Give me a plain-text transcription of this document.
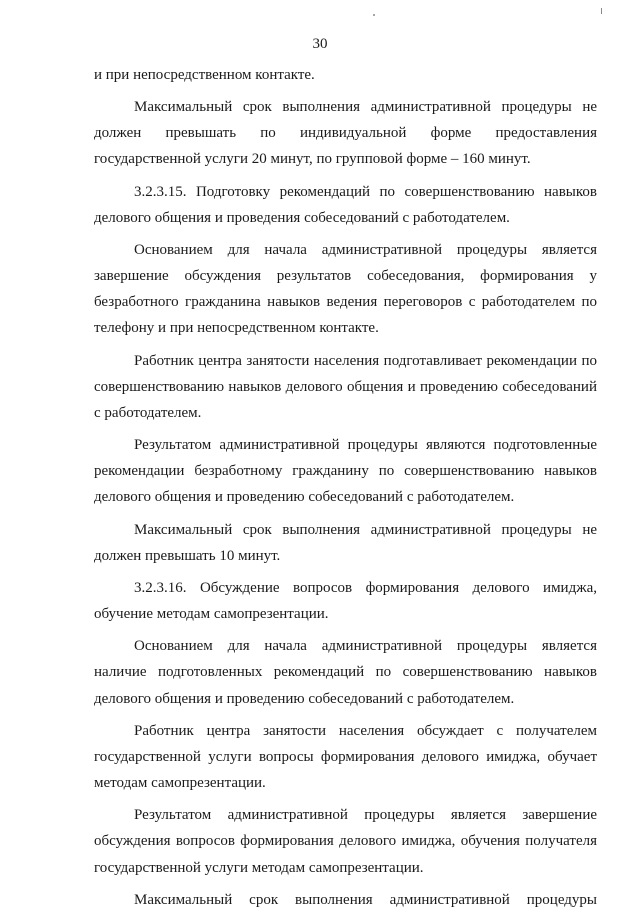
30

и при непосредственном контакте.

Максимальный срок выполнения административной процедуры не должен превышать по индивидуальной форме предоставления государственной услуги 20 минут, по групповой форме – 160 минут.

3.2.3.15. Подготовку рекомендаций по совершенствованию навыков делового общения и проведения собеседований с работодателем.

Основанием для начала административной процедуры является завершение обсуждения результатов собеседования, формирования у безработного гражданина навыков ведения переговоров с работодателем по телефону и при непосредственном контакте.

Работник центра занятости населения подготавливает рекомендации по совершенствованию навыков делового общения и проведению собеседований с работодателем.

Результатом административной процедуры являются подготовленные рекомендации безработному гражданину по совершенствованию навыков делового общения и проведению собеседований с работодателем.

Максимальный срок выполнения административной процедуры не должен превышать 10 минут.

3.2.3.16. Обсуждение вопросов формирования делового имиджа, обучение методам самопрезентации.

Основанием для начала административной процедуры является наличие подготовленных рекомендаций по совершенствованию навыков делового общения и проведению собеседований с работодателем.

Работник центра занятости населения обсуждает с получателем государственной услуги вопросы формирования делового имиджа, обучает методам самопрезентации.

Результатом административной процедуры является завершение обсуждения вопросов формирования делового имиджа, обучения получателя государственной услуги методам самопрезентации.

Максимальный срок выполнения административной процедуры
